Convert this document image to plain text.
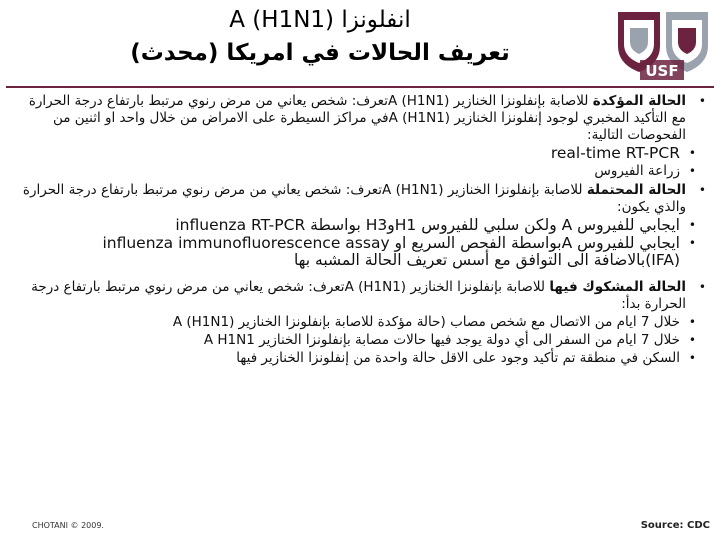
انفلونزا A (H1N1)
تعريف الحالات في امريكا (محدث)
USF
•
الحالة المؤكدة للاصابة بإنفلونزا الخنازير A (H1N1)تعرف: شخص يعاني من مرض رنوي مرتبط بارتفاع درجة الحرارة مع التأكيد المخبري لوجود إنفلونزا الخنازير A (H1N1)في مراكز السيطرة على الامراض من خلال واحد او اثنين من الفحوصات التالية:
•
real-time RT-PCR
•
زراعة الفيروس
•
الحالة المحتملة للاصابة بإنفلونزا الخنازير A (H1N1)تعرف: شخص يعاني من مرض رنوي مرتبط بارتفاع درجة الحرارة والذي يكون:
•
ايجابي للفيروس A ولكن سلبي للفيروس H1وH3 بواسطة influenza RT-PCR
•
ايجابي للفيروس Aبواسطة الفحص السريع او influenza immunofluorescence assay (IFA)بالاضافة الى التوافق مع أسس تعريف الحالة المشبه بها
•
الحالة المشكوك فيها للاصابة بإنفلونزا الخنازير A (H1N1)تعرف: شخص يعاني من مرض رنوي مرتبط بارتفاع درجة الحرارة بدأ:
•
خلال 7 ايام من الاتصال مع شخص مصاب (حالة مؤكدة للاصابة بإنفلونزا الخنازير A (H1N1)
•
خلال 7 ايام من السفر الى أي دولة يوجد فيها حالات مصابة بإنفلونزا الخنازير A H1N1
•
السكن في منطقة تم تأكيد وجود على الاقل حالة واحدة من إنفلونزا الخنازير فيها
CHOTANI © 2009.	Source: CDC
